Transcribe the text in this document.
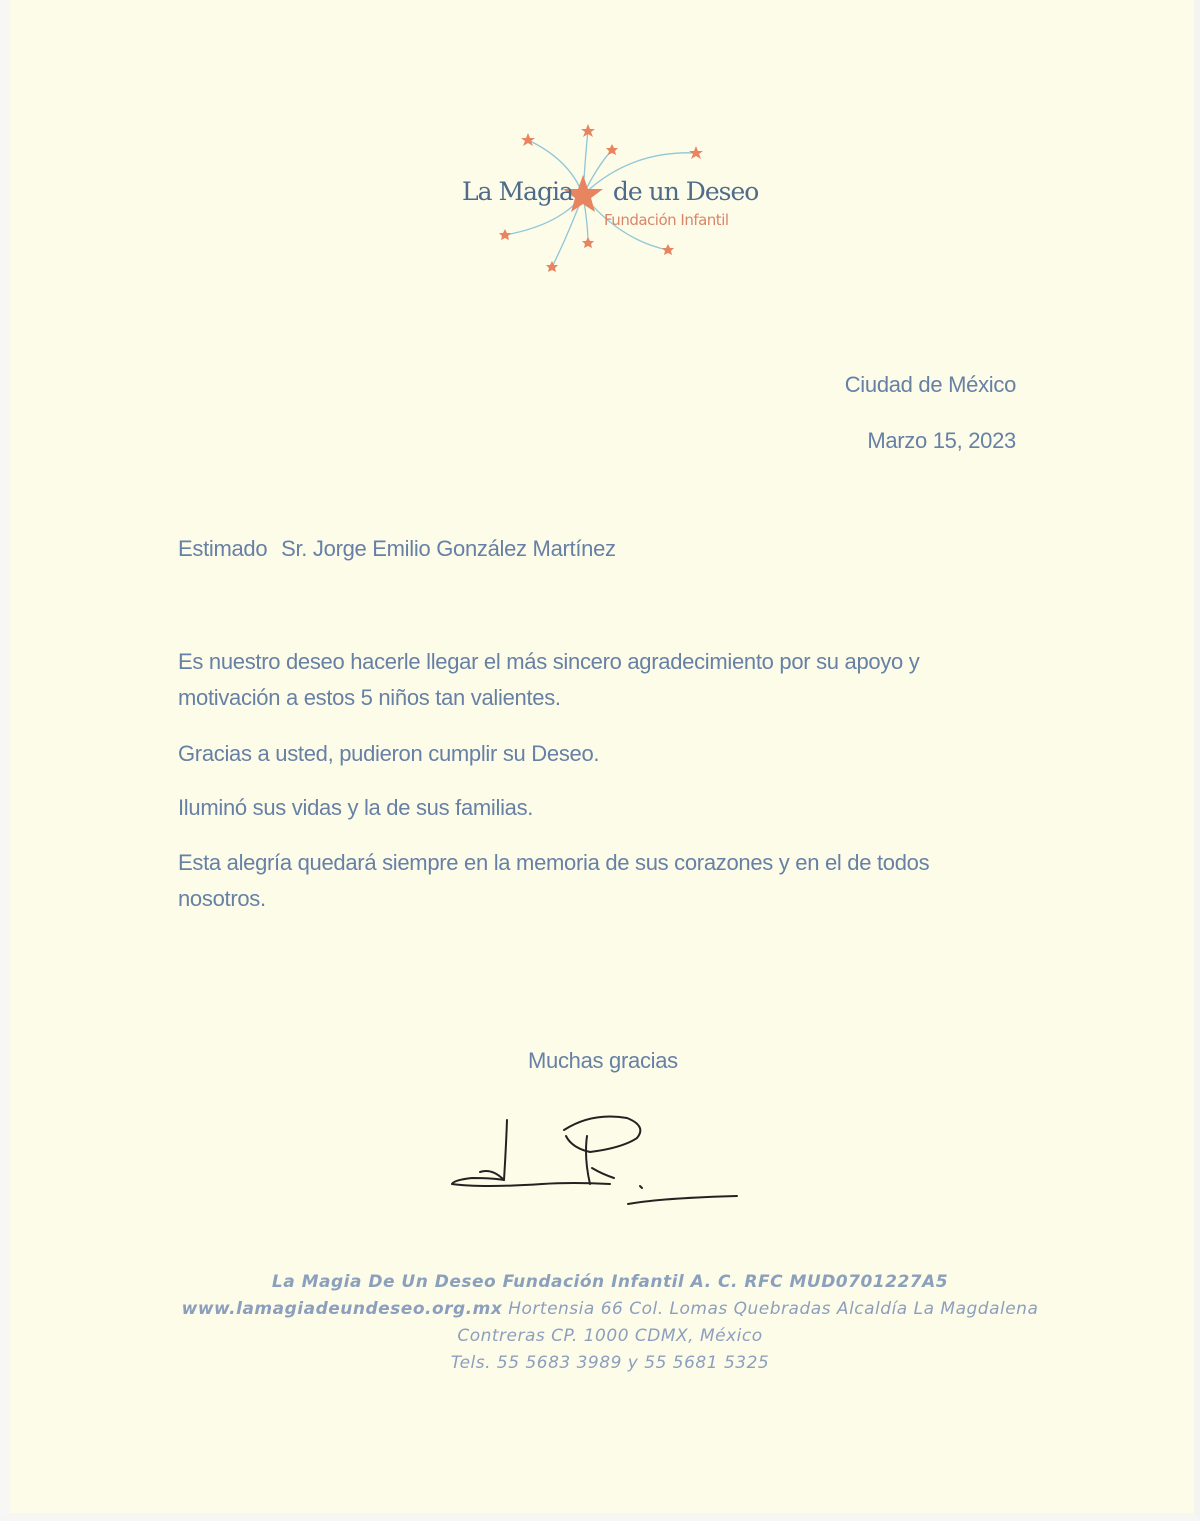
La Magia de un Deseo
Fundación Infantil
Ciudad de México
Marzo 15, 2023
Estimado Sr. Jorge Emilio González Martínez
Es nuestro deseo hacerle llegar el más sincero agradecimiento por su apoyo y
motivación a estos 5 niños tan valientes.
Gracias a usted, pudieron cumplir su Deseo.
Iluminó sus vidas y la de sus familias.
Esta alegría quedará siempre en la memoria de sus corazones y en el de todos
nosotros.
Muchas gracias
La Magia De Un Deseo Fundación Infantil A. C. RFC MUD0701227A5
www.lamagiadeundeseo.org.mx Hortensia 66 Col. Lomas Quebradas Alcaldía La Magdalena
Contreras CP. 1000 CDMX, México
Tels. 55 5683 3989 y 55 5681 5325
